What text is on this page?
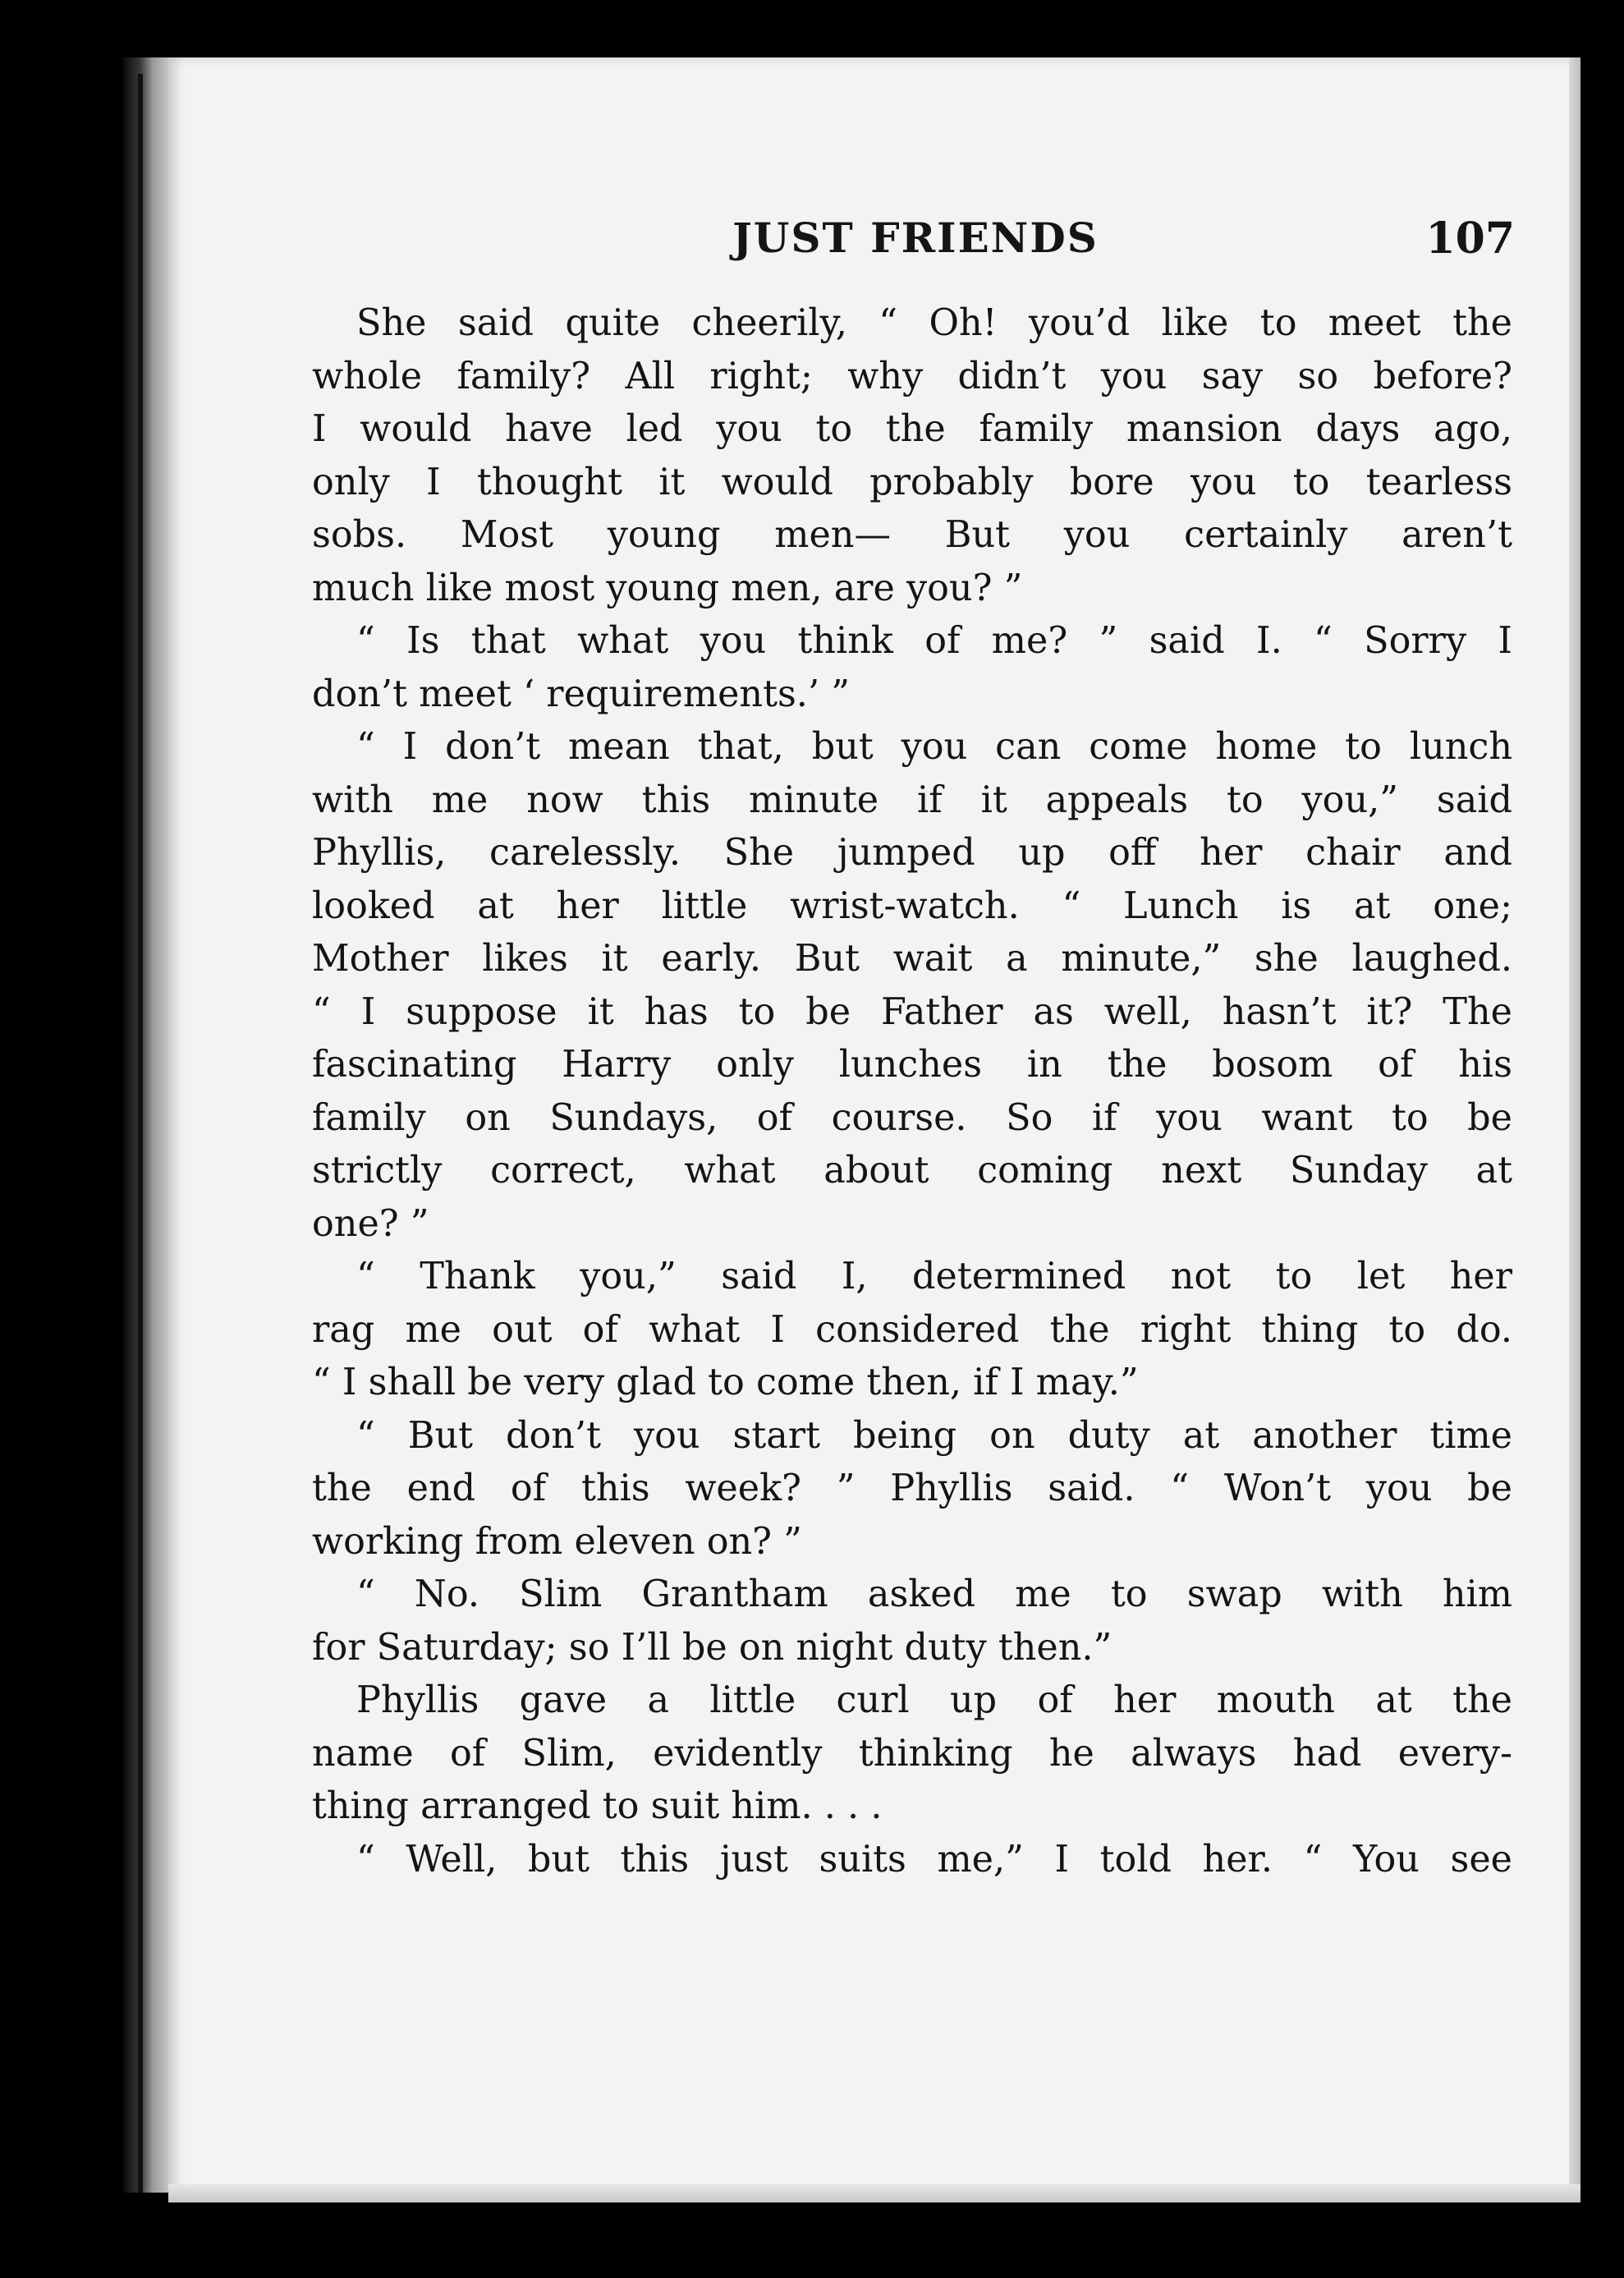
JUST FRIENDS	107
She said quite cheerily, “ Oh! you’d like to meet the
whole family? All right; why didn’t you say so before?
I would have led you to the family mansion days ago,
only I thought it would probably bore you to tearless
sobs. Most young men— But you certainly aren’t
much like most young men, are you? ”
“ Is that what you think of me? ” said I. “ Sorry I
don’t meet ‘ requirements.’ ”
“ I don’t mean that, but you can come home to lunch
with me now this minute if it appeals to you,” said
Phyllis, carelessly. She jumped up off her chair and
looked at her little wrist-watch. “ Lunch is at one;
Mother likes it early. But wait a minute,” she laughed.
“ I suppose it has to be Father as well, hasn’t it? The
fascinating Harry only lunches in the bosom of his
family on Sundays, of course. So if you want to be
strictly correct, what about coming next Sunday at
one? ”
“ Thank you,” said I, determined not to let her
rag me out of what I considered the right thing to do.
“ I shall be very glad to come then, if I may.”
“ But don’t you start being on duty at another time
the end of this week? ” Phyllis said. “ Won’t you be
working from eleven on? ”
“ No. Slim Grantham asked me to swap with him
for Saturday; so I’ll be on night duty then.”
Phyllis gave a little curl up of her mouth at the
name of Slim, evidently thinking he always had every-
thing arranged to suit him. . . .
“ Well, but this just suits me,” I told her. “ You see
